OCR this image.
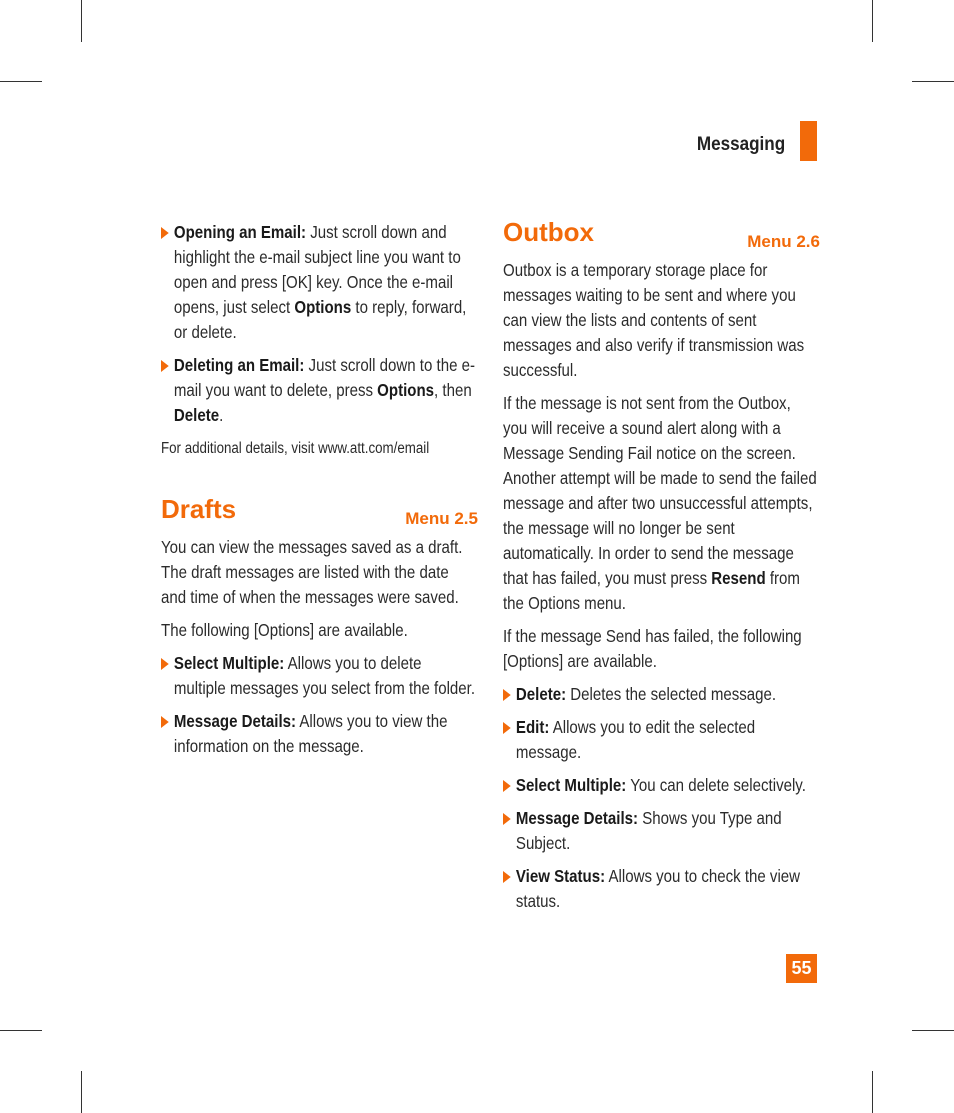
Messaging
Opening an Email: Just scroll down and highlight the e-mail subject line you want to open and press [OK] key. Once the e-mail opens, just select Options to reply, forward, or delete.
Deleting an Email: Just scroll down to the e-mail you want to delete, press Options, then Delete.

For additional details, visit www.att.com/email

Drafts	Menu 2.5

You can view the messages saved as a draft. The draft messages are listed with the date and time of when the messages were saved.

The following [Options] are available.

Select Multiple: Allows you to delete multiple messages you select from the folder.
Message Details: Allows you to view the information on the message.
Outbox	Menu 2.6

Outbox is a temporary storage place for messages waiting to be sent and where you can view the lists and contents of sent messages and also verify if transmission was successful.

If the message is not sent from the Outbox, you will receive a sound alert along with a Message Sending Fail notice on the screen. Another attempt will be made to send the failed message and after two unsuccessful attempts, the message will no longer be sent automatically. In order to send the message that has failed, you must press Resend from the Options menu.

If the message Send has failed, the following [Options] are available.

Delete: Deletes the selected message.
Edit: Allows you to edit the selected message.
Select Multiple: You can delete selectively.
Message Details: Shows you Type and Subject.
View Status: Allows you to check the view status.
55
